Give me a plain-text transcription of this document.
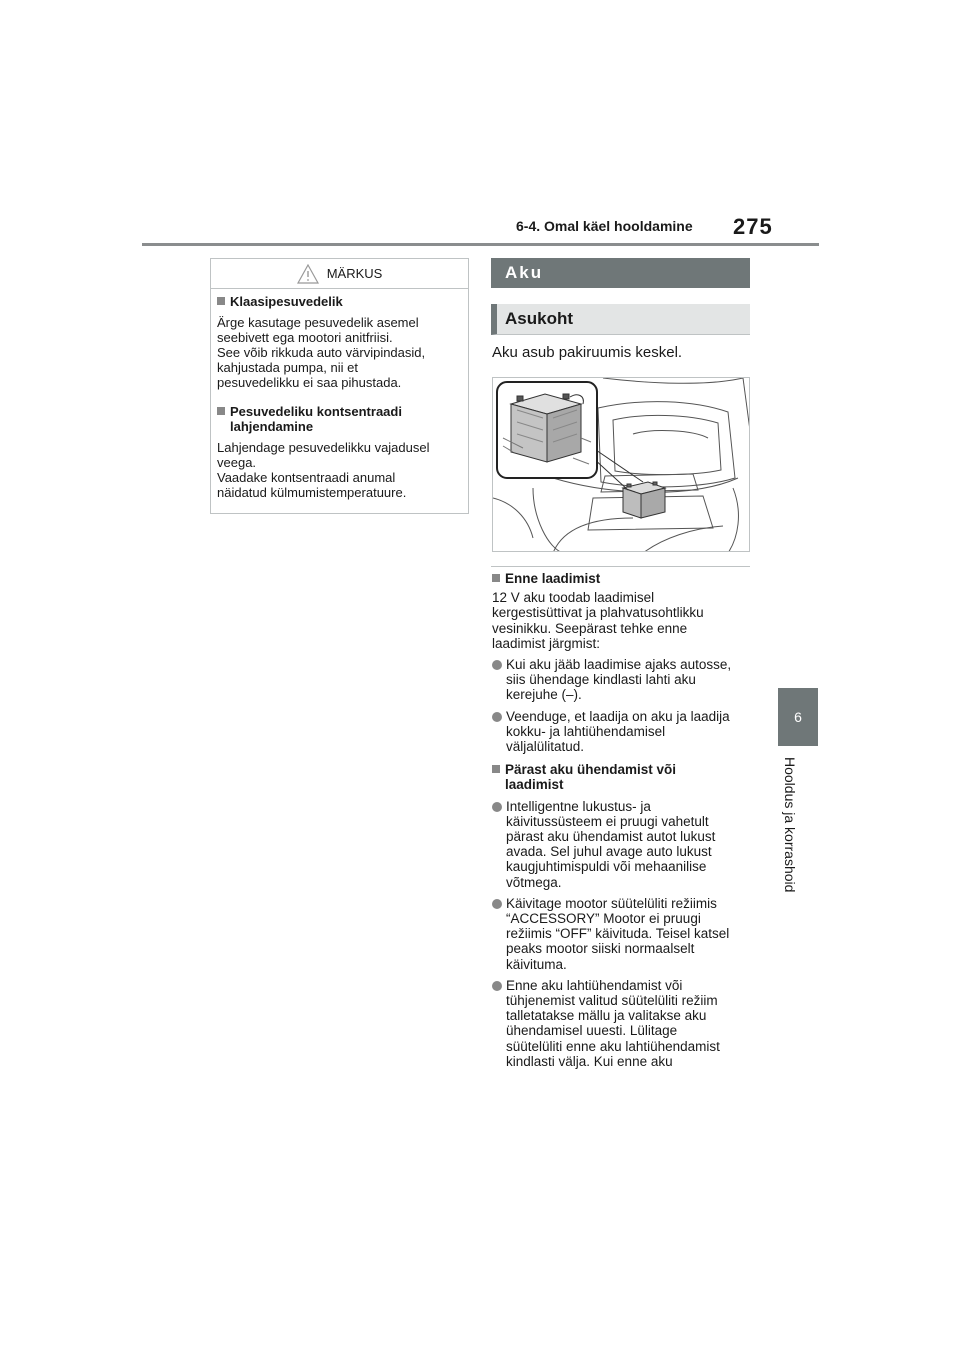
6-4. Omal käel hooldamine 275
6
Hooldus ja korrashoid
MÄRKUS
Klaasipesuvedelik
Ärge kasutage pesuvedelik asemel
seebivett ega mootori anitfriisi.
See võib rikkuda auto värvipindasid,
kahjustada pumpa, nii et
pesuvedelikku ei saa pihustada.
Pesuvedeliku kontsentraadi
lahjendamine
Lahjendage pesuvedelikku vajadusel
veega.
Vaadake kontsentraadi anumal
näidatud külmumistemperatuure.
Aku
Asukoht
Aku asub pakiruumis keskel.
Enne laadimist
12 V aku toodab laadimisel
kergestisüttivat ja plahvatusohtlikku
vesinikku. Seepärast tehke enne
laadimist järgmist:
Kui aku jääb laadimise ajaks autosse,
siis ühendage kindlasti lahti aku
kerejuhe (–).
Veenduge, et laadija on aku ja laadija
kokku- ja lahtiühendamisel
väljalülitatud.
Pärast aku ühendamist või
laadimist
Intelligentne lukustus- ja
käivitussüsteem ei pruugi vahetult
pärast aku ühendamist autot lukust
avada. Sel juhul avage auto lukust
kaugjuhtimispuldi või mehaanilise
võtmega.
Käivitage mootor süütelüliti režiimis
“ACCESSORY” Mootor ei pruugi
režiimis “OFF” käivituda. Teisel katsel
peaks mootor siiski normaalselt
käivituma.
Enne aku lahtiühendamist või
tühjenemist valitud süütelüliti režiim
talletatakse mällu ja valitakse aku
ühendamisel uuesti. Lülitage
süütelüliti enne aku lahtiühendamist
kindlasti välja. Kui enne aku
